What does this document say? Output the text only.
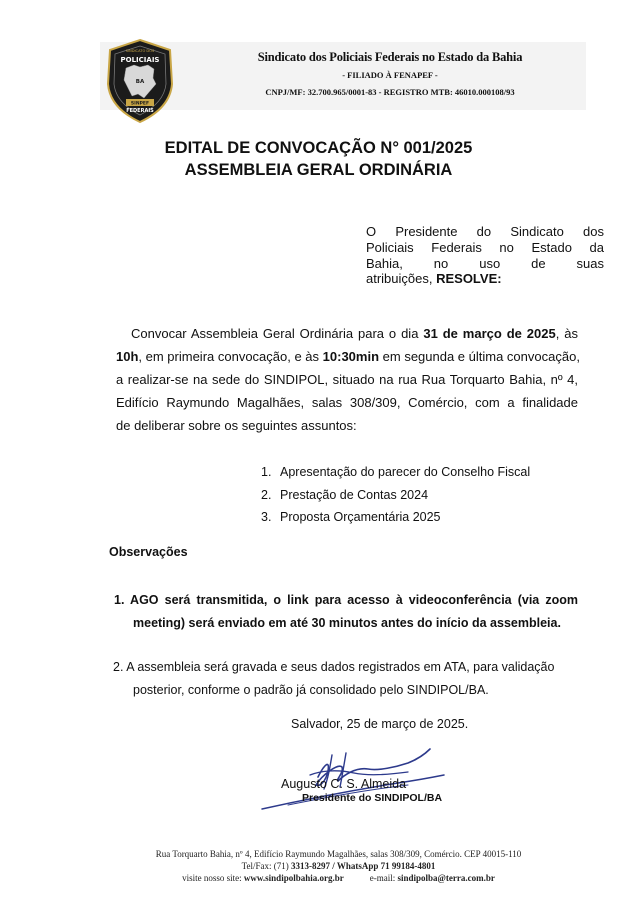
SINDICATO DOS
POLICIAIS
BA
SINPEF
FEDERAIS
Sindicato dos Policiais Federais no Estado da Bahia
- FILIADO À FENAPEF -
CNPJ/MF: 32.700.965/0001-83 - REGISTRO MTB: 46010.000108/93
EDITAL DE CONVOCAÇÃO N° 001/2025
ASSEMBLEIA GERAL ORDINÁRIA
O Presidente do Sindicato dos
Policiais Federais no Estado da
Bahia, no uso de suas
atribuições, RESOLVE:
Convocar Assembleia Geral Ordinária para o dia 31 de março de 2025, às
10h, em primeira convocação, e às 10:30min em segunda e última convocação,
a realizar-se na sede do SINDIPOL, situado na rua Rua Torquarto Bahia, nº 4,
Edifício Raymundo Magalhães, salas 308/309, Comércio, com a finalidade
de deliberar sobre os seguintes assuntos:
1. Apresentação do parecer do Conselho Fiscal
2. Prestação de Contas 2024
3. Proposta Orçamentária 2025
Observações
1. AGO será transmitida, o link para acesso à videoconferência (via zoom
meeting) será enviado em até 30 minutos antes do início da assembleia.
2. A assembleia será gravada e seus dados registrados em ATA, para validação
posterior, conforme o padrão já consolidado pelo SINDIPOL/BA.
Salvador, 25 de março de 2025.
Augusto C. S. Almeida
Presidente do SINDIPOL/BA
Rua Torquarto Bahia, nº 4, Edifício Raymundo Magalhães, salas 308/309, Comércio. CEP 40015-110
Tel/Fax: (71) 3313-8297 / WhatsApp 71 99184-4801
visite nosso site: www.sindipolbahia.org.br	e-mail: sindipolba@terra.com.br
